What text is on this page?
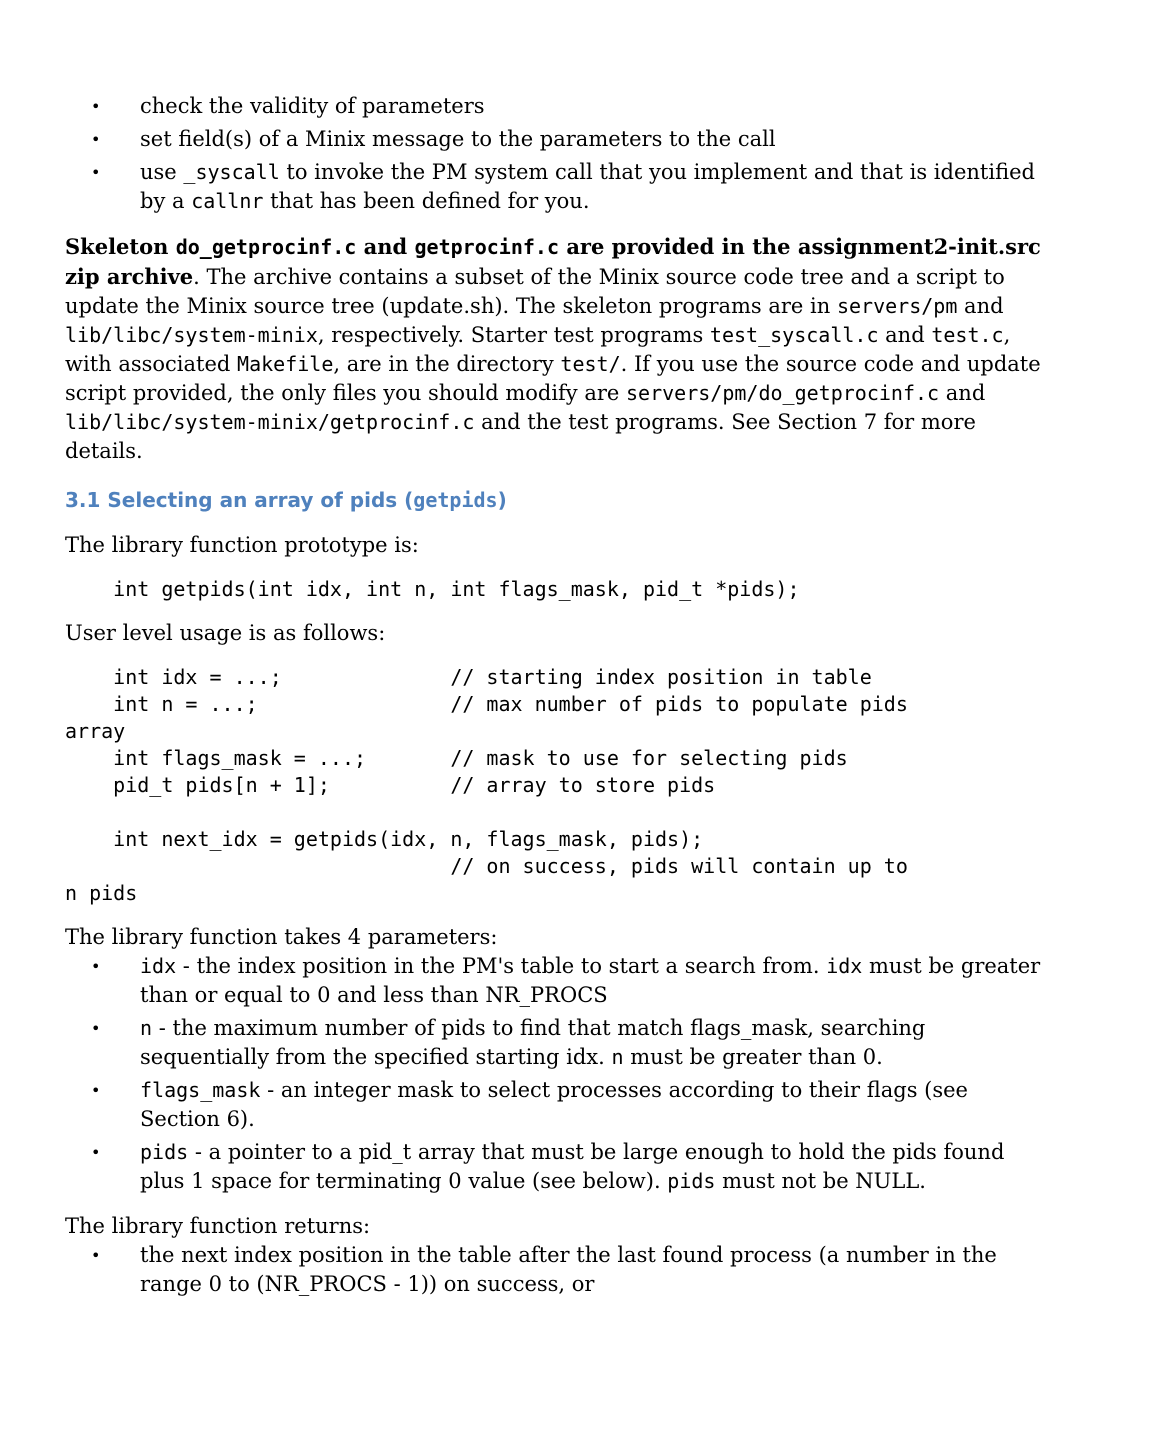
• check the validity of parameters
• set field(s) of a Minix message to the parameters to the call
• use _syscall to invoke the PM system call that you implement and that is identified by a callnr that has been defined for you.

Skeleton do_getprocinf.c and getprocinf.c are provided in the assignment2-init.src zip archive. The archive contains a subset of the Minix source code tree and a script to update the Minix source tree (update.sh). The skeleton programs are in servers/pm and lib/libc/system-minix, respectively. Starter test programs test_syscall.c and test.c, with associated Makefile, are in the directory test/. If you use the source code and update script provided, the only files you should modify are servers/pm/do_getprocinf.c and lib/libc/system-minix/getprocinf.c and the test programs. See Section 7 for more details.

3.1 Selecting an array of pids (getpids)

The library function prototype is:

int getpids(int idx, int n, int flags_mask, pid_t *pids);

User level usage is as follows:

int idx = ...;              // starting index position in table
int n = ...;                // max number of pids to populate pids
array
int flags_mask = ...;       // mask to use for selecting pids
pid_t pids[n + 1];          // array to store pids

int next_idx = getpids(idx, n, flags_mask, pids);
// on success, pids will contain up to
n pids

The library function takes 4 parameters:

• idx - the index position in the PM's table to start a search from. idx must be greater than or equal to 0 and less than NR_PROCS
• n - the maximum number of pids to find that match flags_mask, searching sequentially from the specified starting idx. n must be greater than 0.
• flags_mask - an integer mask to select processes according to their flags (see Section 6).
• pids - a pointer to a pid_t array that must be large enough to hold the pids found plus 1 space for terminating 0 value (see below). pids must not be NULL.

The library function returns:

• the next index position in the table after the last found process (a number in the range 0 to (NR_PROCS - 1)) on success, or
